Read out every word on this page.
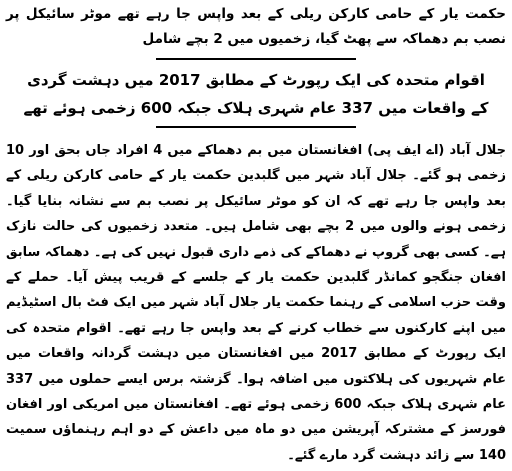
حکمت یار کے حامی کارکن ریلی کے بعد واپس جا رہے تھے موٹر سائیکل پر نصب بم دھماکہ سے پھٹ گیا، زخمیوں میں 2 بچے شامل

اقوام متحدہ کی ایک رپورٹ کے مطابق 2017 میں دہشت گردی کے واقعات میں 337 عام شہری ہلاک جبکہ 600 زخمی ہوئے تھے

جلال آباد (اے ایف پی) افغانستان میں بم دھماکے میں 4 افراد جاں بحق اور 10 زخمی ہو گئے۔ جلال آباد شہر میں گلبدین حکمت یار کے حامی کارکن ریلی کے بعد واپس جا رہے تھے کہ ان کو موٹر سائیکل پر نصب بم سے نشانہ بنایا گیا۔ زخمی ہونے والوں میں 2 بچے بھی شامل ہیں۔ متعدد زخمیوں کی حالت نازک ہے۔ کسی بھی گروپ نے دھماکے کی ذمے داری قبول نہیں کی ہے۔ دھماکہ سابق افغان جنگجو کمانڈر گلبدین حکمت یار کے جلسے کے قریب پیش آیا۔ حملے کے وقت حزب اسلامی کے رہنما حکمت یار جلال آباد شہر میں ایک فٹ بال اسٹیڈیم میں اپنے کارکنوں سے خطاب کرنے کے بعد واپس جا رہے تھے۔ اقوام متحدہ کی ایک رپورٹ کے مطابق 2017 میں افغانستان میں دہشت گردانہ واقعات میں عام شہریوں کی ہلاکتوں میں اضافہ ہوا۔ گزشتہ برس ایسے حملوں میں 337 عام شہری ہلاک جبکہ 600 زخمی ہوئے تھے۔ افغانستان میں امریکی اور افغان فورسز کے مشترکہ آپریشن میں دو ماہ میں داعش کے دو اہم رہنماؤں سمیت 140 سے زائد دہشت گرد مارے گئے۔
